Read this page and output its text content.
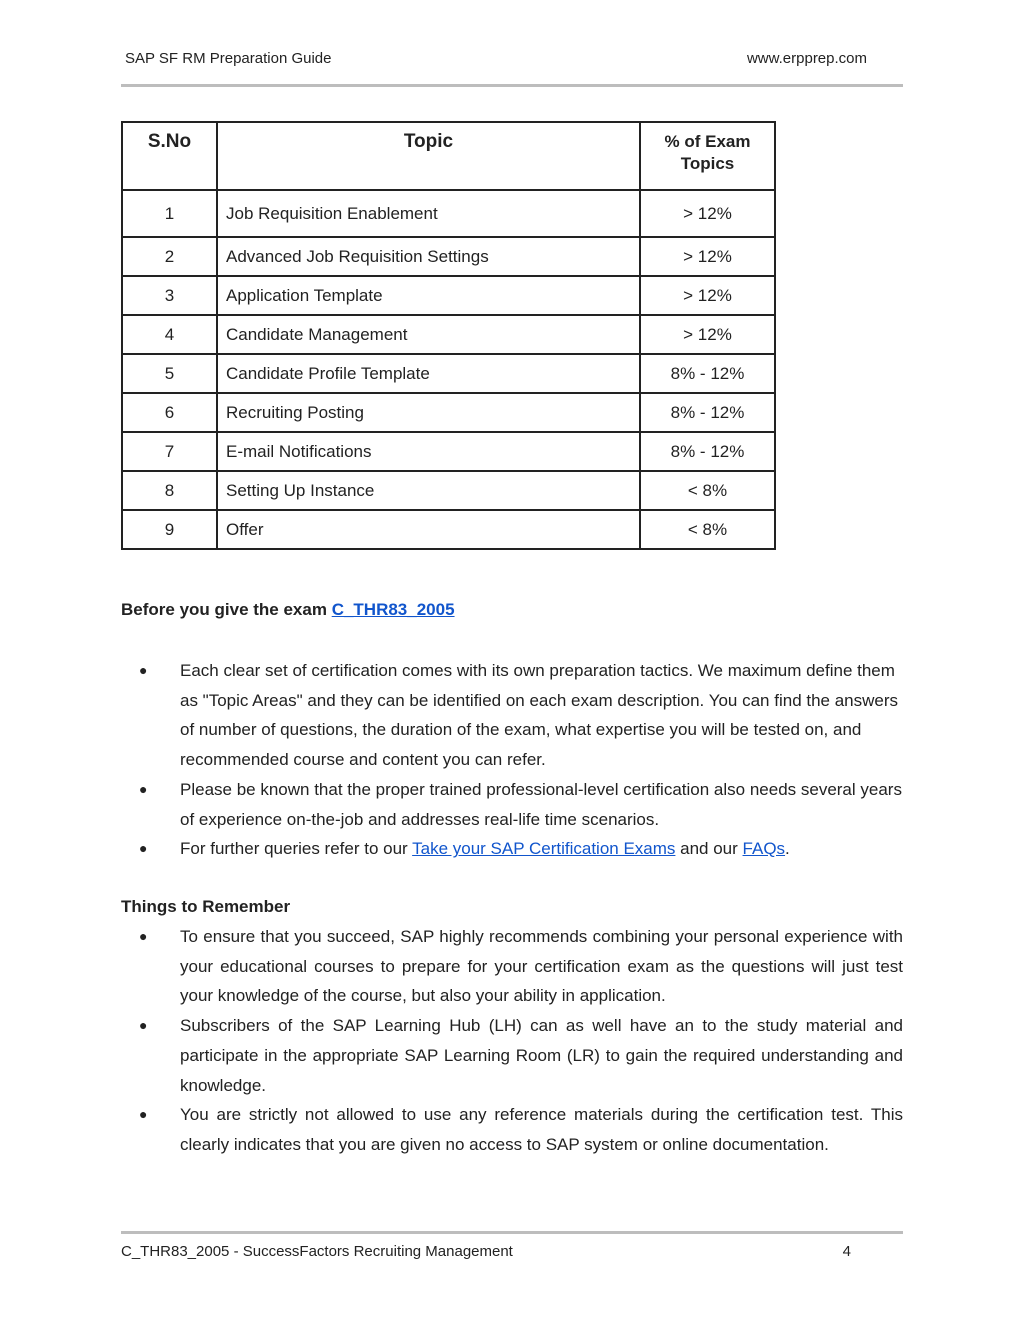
SAP SF RM Preparation Guide	www.erpprep.com
S.No	Topic	% of Exam Topics
1	Job Requisition Enablement	> 12%
2	Advanced Job Requisition Settings	> 12%
3	Application Template	> 12%
4	Candidate Management	> 12%
5	Candidate Profile Template	8% - 12%
6	Recruiting Posting	8% - 12%
7	E-mail Notifications	8% - 12%
8	Setting Up Instance	< 8%
9	Offer	< 8%
Before you give the exam C_THR83_2005
● Each clear set of certification comes with its own preparation tactics. We maximum define them as "Topic Areas" and they can be identified on each exam description. You can find the answers of number of questions, the duration of the exam, what expertise you will be tested on, and recommended course and content you can refer.
● Please be known that the proper trained professional-level certification also needs several years of experience on-the-job and addresses real-life time scenarios.
● For further queries refer to our Take your SAP Certification Exams and our FAQs.
Things to Remember
● To ensure that you succeed, SAP highly recommends combining your personal experience with your educational courses to prepare for your certification exam as the questions will just test your knowledge of the course, but also your ability in application.
● Subscribers of the SAP Learning Hub (LH) can as well have an to the study material and participate in the appropriate SAP Learning Room (LR) to gain the required understanding and knowledge.
● You are strictly not allowed to use any reference materials during the certification test. This clearly indicates that you are given no access to SAP system or online documentation.
C_THR83_2005 - SuccessFactors Recruiting Management	4
